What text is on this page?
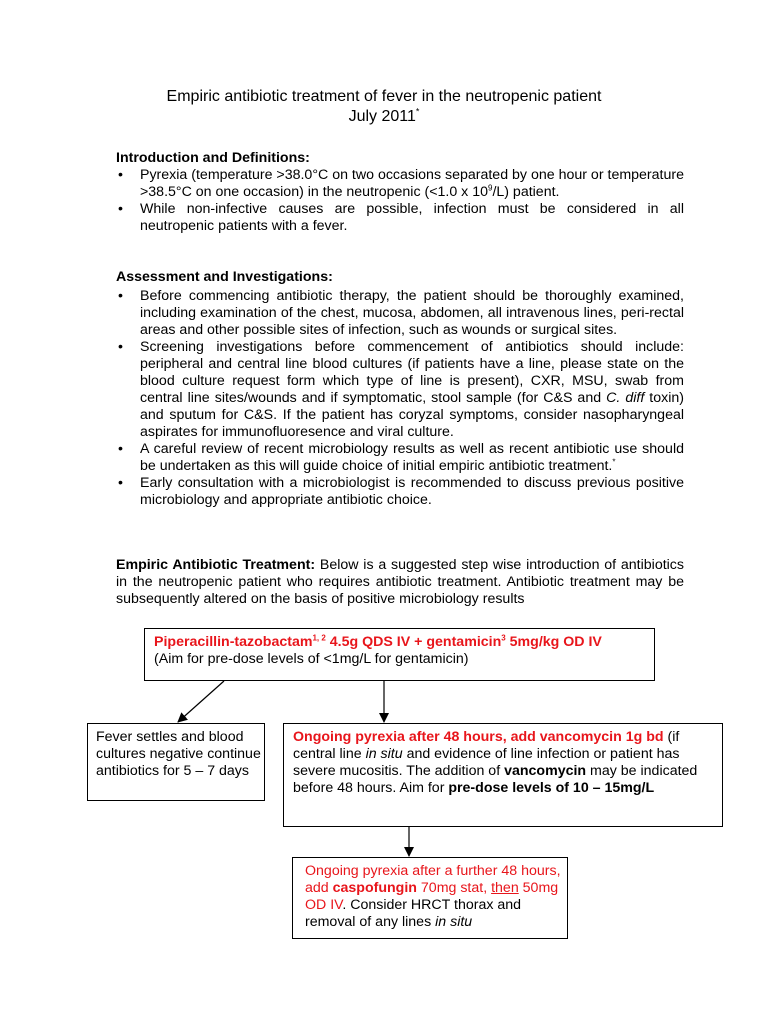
Empiric antibiotic treatment of fever in the neutropenic patient
July 2011*

Introduction and Definitions:

• Pyrexia (temperature >38.0°C on two occasions separated by one hour or temperature >38.5°C on one occasion) in the neutropenic (<1.0 x $10^9/L$) patient.
• While non-infective causes are possible, infection must be considered in all neutropenic patients with a fever.

Assessment and Investigations:

• Before commencing antibiotic therapy, the patient should be thoroughly examined, including examination of the chest, mucosa, abdomen, all intravenous lines, peri-rectal areas and other possible sites of infection, such as wounds or surgical sites.
• Screening investigations before commencement of antibiotics should include: peripheral and central line blood cultures (if patients have a line, please state on the blood culture request form which type of line is present), CXR, MSU, swab from central line sites/wounds and if symptomatic, stool sample (for C&S and C. diff toxin) and sputum for C&S. If the patient has coryzal symptoms, consider nasopharyngeal aspirates for immunofluoresence and viral culture.
• A careful review of recent microbiology results as well as recent antibiotic use should be undertaken as this will guide choice of initial empiric antibiotic treatment.*
• Early consultation with a microbiologist is recommended to discuss previous positive microbiology and appropriate antibiotic choice.

Empiric Antibiotic Treatment: Below is a suggested step wise introduction of antibiotics in the neutropenic patient who requires antibiotic treatment. Antibiotic treatment may be subsequently altered on the basis of positive microbiology results

Piperacillin-tazobactam$^{1, 2}$ 4.5g QDS IV + gentamicin$^3$ 5mg/kg OD IV
(Aim for pre-dose levels of <1mg/L for gentamicin)
Fever settles and blood cultures negative continue antibiotics for 5 – 7 days
Ongoing pyrexia after 48 hours, add vancomycin 1g bd (if central line in situ and evidence of line infection or patient has severe mucositis. The addition of vancomycin may be indicated before 48 hours. Aim for pre-dose levels of 10 – 15mg/L
Ongoing pyrexia after a further 48 hours, add caspofungin 70mg stat, then 50mg OD IV. Consider HRCT thorax and removal of any lines in situ
